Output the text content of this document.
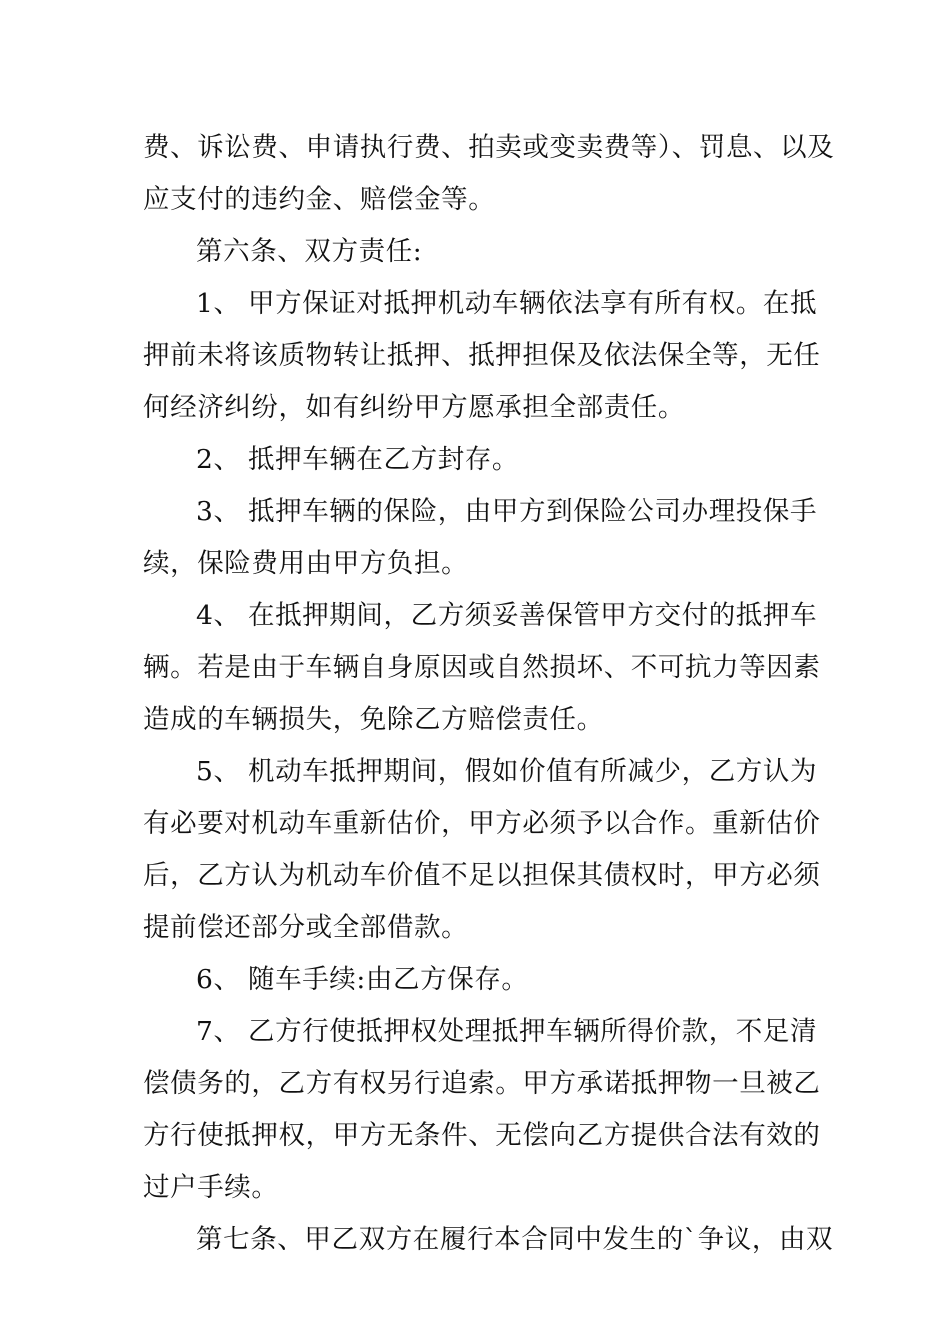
费、诉讼费、申请执行费、拍卖或变卖费等）、罚息、以及
应支付的违约金、赔偿金等。
第六条、双方责任:
1、 甲方保证对抵押机动车辆依法享有所有权。在抵
押前未将该质物转让抵押、抵押担保及依法保全等，无任
何经济纠纷，如有纠纷甲方愿承担全部责任。
2、 抵押车辆在乙方封存。
3、 抵押车辆的保险，由甲方到保险公司办理投保手
续，保险费用由甲方负担。
4、 在抵押期间，乙方须妥善保管甲方交付的抵押车
辆。若是由于车辆自身原因或自然损坏、不可抗力等因素
造成的车辆损失，免除乙方赔偿责任。
5、 机动车抵押期间，假如价值有所减少，乙方认为
有必要对机动车重新估价，甲方必须予以合作。重新估价
后，乙方认为机动车价值不足以担保其债权时，甲方必须
提前偿还部分或全部借款。
6、 随车手续:由乙方保存。
7、 乙方行使抵押权处理抵押车辆所得价款，不足清
偿债务的，乙方有权另行追索。甲方承诺抵押物一旦被乙
方行使抵押权，甲方无条件、无偿向乙方提供合法有效的
过户手续。
第七条、甲乙双方在履行本合同中发生的`争议，由双
